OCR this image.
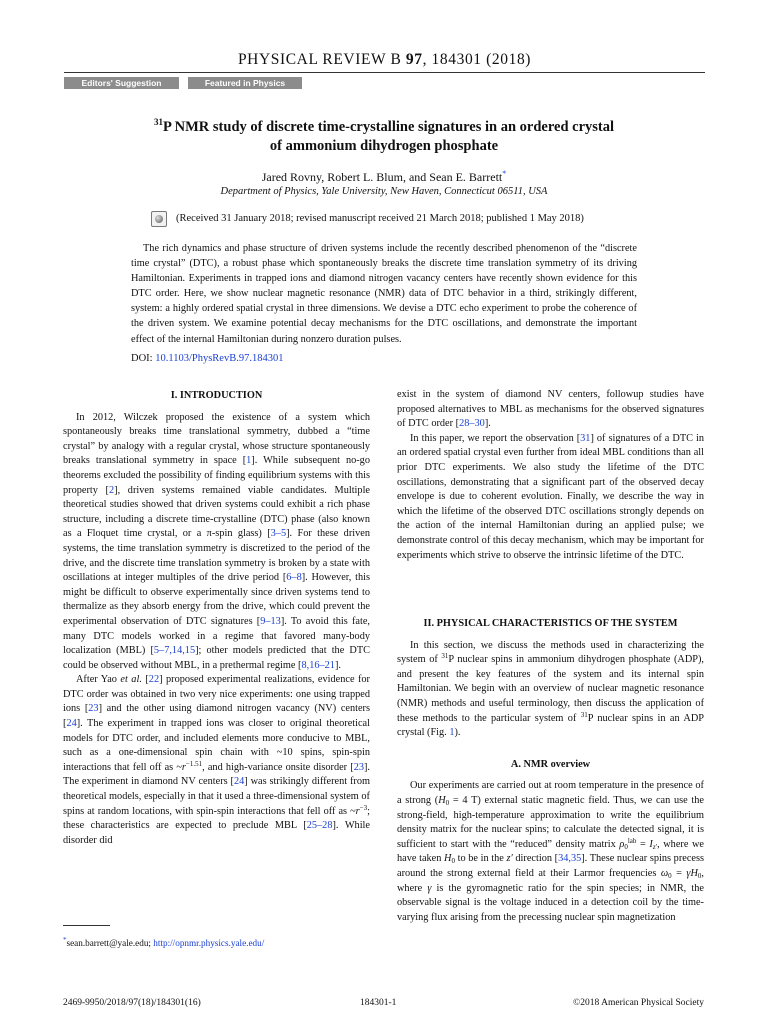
PHYSICAL REVIEW B 97, 184301 (2018)
Editors' Suggestion	Featured in Physics
$^{31}$P NMR study of discrete time-crystalline signatures in an ordered crystal
of ammonium dihydrogen phosphate
Jared Rovny, Robert L. Blum, and Sean E. Barrett*
Department of Physics, Yale University, New Haven, Connecticut 06511, USA
(Received 31 January 2018; revised manuscript received 21 March 2018; published 1 May 2018)

The rich dynamics and phase structure of driven systems include the recently described phenomenon of the “discrete time crystal” (DTC), a robust phase which spontaneously breaks the discrete time translation symmetry of its driving Hamiltonian. Experiments in trapped ions and diamond nitrogen vacancy centers have recently shown evidence for this DTC order. Here, we show nuclear magnetic resonance (NMR) data of DTC behavior in a third, strikingly different, system: a highly ordered spatial crystal in three dimensions. We devise a DTC echo experiment to probe the coherence of the driven system. We examine potential decay mechanisms for the DTC oscillations, and demonstrate the important effect of the internal Hamiltonian during nonzero duration pulses.

DOI: 10.1103/PhysRevB.97.184301
I. INTRODUCTION

In 2012, Wilczek proposed the existence of a system which spontaneously breaks time translational symmetry, dubbed a “time crystal” by analogy with a regular crystal, whose structure spontaneously breaks translational symmetry in space [1]. While subsequent no-go theorems excluded the possibility of finding equilibrium systems with this property [2], driven systems remained viable candidates. Multiple theoretical studies showed that driven systems could exhibit a rich phase structure, including a discrete time-crystalline (DTC) phase (also known as a Floquet time crystal, or a π-spin glass) [3–5]. For these driven systems, the time translation symmetry is discretized to the period of the drive, and the discrete time translation symmetry is broken by a state with oscillations at integer multiples of the drive period [6–8]. However, this might be difficult to observe experimentally since driven systems tend to thermalize as they absorb energy from the drive, which could prevent the experimental observation of DTC signatures [9–13]. To avoid this fate, many DTC models worked in a regime that favored many-body localization (MBL) [5–7,14,15]; other models predicted that the DTC could be observed without MBL, in a prethermal regime [8,16–21].

After Yao et al. [22] proposed experimental realizations, evidence for DTC order was obtained in two very nice experiments: one using trapped ions [23] and the other using diamond nitrogen vacancy (NV) centers [24]. The experiment in trapped ions was closer to original theoretical models for DTC order, and included elements more conducive to MBL, such as a one-dimensional spin chain with ~10 spins, spin-spin interactions that fell off as $\sim r^{-1.51}$, and high-variance onsite disorder [23]. The experiment in diamond NV centers [24] was strikingly different from theoretical models, especially in that it used a three-dimensional system of spins at random locations, with spin-spin interactions that fell off as $\sim r^{-3}$; these characteristics are expected to preclude MBL [25–28]. While disorder did

exist in the system of diamond NV centers, followup studies have proposed alternatives to MBL as mechanisms for the observed signatures of DTC order [28–30].

In this paper, we report the observation [31] of signatures of a DTC in an ordered spatial crystal even further from ideal MBL conditions than all prior DTC experiments. We also study the lifetime of the DTC oscillations, demonstrating that a significant part of the observed decay envelope is due to coherent evolution. Finally, we describe the way in which the lifetime of the observed DTC oscillations strongly depends on the action of the internal Hamiltonian during an applied pulse; we demonstrate control of this decay mechanism, which may be important for experiments which strive to observe the intrinsic lifetime of the DTC.

II. PHYSICAL CHARACTERISTICS OF THE SYSTEM

In this section, we discuss the methods used in characterizing the system of $^{31}$P nuclear spins in ammonium dihydrogen phosphate (ADP), and present the key features of the system and its internal spin Hamiltonian. We begin with an overview of nuclear magnetic resonance (NMR) methods and useful terminology, then discuss the application of these methods to the particular system of $^{31}$P nuclear spins in an ADP crystal (Fig. 1).

A. NMR overview

Our experiments are carried out at room temperature in the presence of a strong ($H_0 = 4$ T) external static magnetic field. Thus, we can use the strong-field, high-temperature approximation to write the equilibrium density matrix for the nuclear spins; to calculate the detected signal, it is sufficient to start with the “reduced” density matrix $\rho_0^{lab} = I_{z'}$, where we have taken $H_0$ to be in the z′ direction [34,35]. These nuclear spins precess around the strong external field at their Larmor frequencies $\omega_0 = \gamma H_0$, where γ is the gyromagnetic ratio for the spin species; in NMR, the observable signal is the voltage induced in a detection coil by the time-varying flux arising from the precessing nuclear spin magnetization

*sean.barrett@yale.edu; http://opnmr.physics.yale.edu/
2469-9950/2018/97(18)/184301(16)	184301-1	©2018 American Physical Society
